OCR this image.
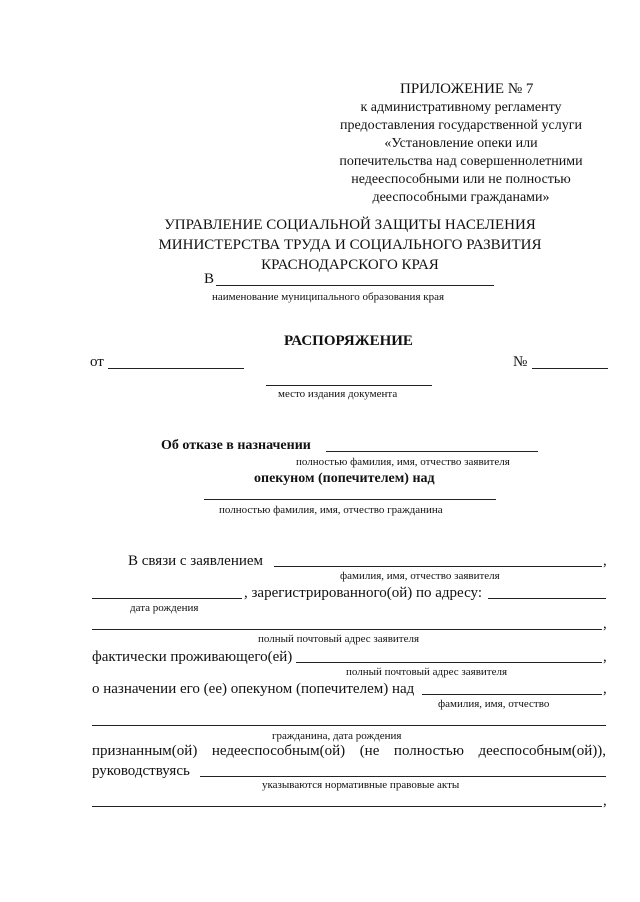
ПРИЛОЖЕНИЕ № 7
к административному регламенту
предоставления государственной услуги
«Установление опеки или
попечительства над совершеннолетними
недееспособными или не полностью
дееспособными гражданами»
УПРАВЛЕНИЕ СОЦИАЛЬНОЙ ЗАЩИТЫ НАСЕЛЕНИЯ
МИНИСТЕРСТВА ТРУДА И СОЦИАЛЬНОГО РАЗВИТИЯ
КРАСНОДАРСКОГО КРАЯ
В
наименование муниципального образования края
РАСПОРЯЖЕНИЕ
от	№
место издания документа
Об отказе в назначении
полностью фамилия, имя, отчество заявителя
опекуном (попечителем) над
полностью фамилия, имя, отчество гражданина
В связи с заявлением	,
фамилия, имя, отчество заявителя
, зарегистрированного(ой) по адресу:
дата рождения
,
полный почтовый адрес заявителя
фактически проживающего(ей)	,
полный почтовый адрес заявителя
о назначении его (ее) опекуном (попечителем) над	,
фамилия, имя, отчество
гражданина, дата рождения
признанным(ой) недееспособным(ой) (не полностью дееспособным(ой)),
руководствуясь
указываются нормативные правовые акты
,
